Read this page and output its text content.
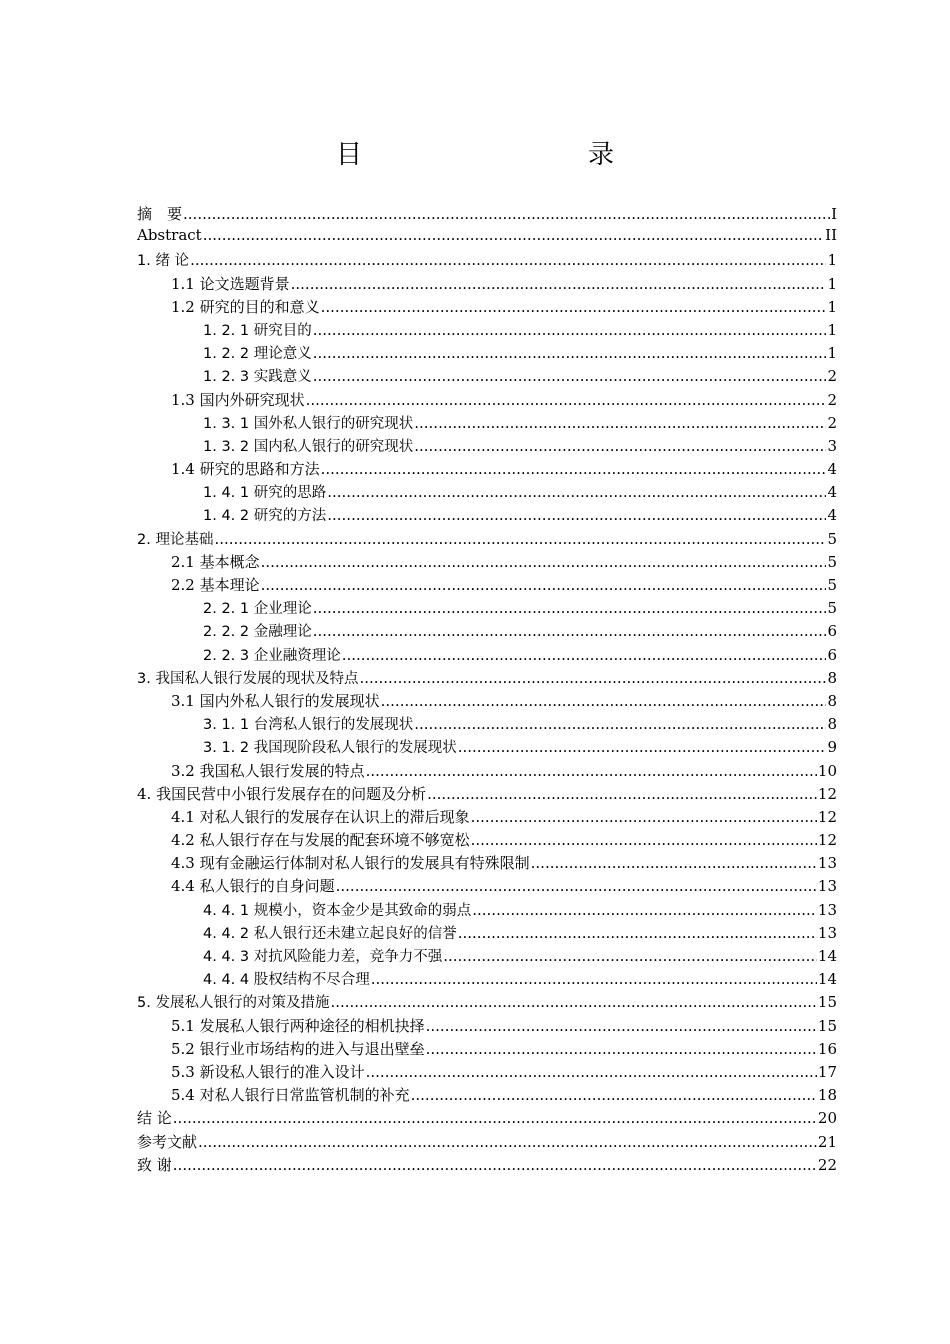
目　　录
摘　要 .....	I
Abstract .....	II
1. 绪 论 .....	1
1.1 论文选题背景 .....	1
1.2 研究的目的和意义 .....	1
1. 2. 1 研究目的 .....	1
1. 2. 2 理论意义 .....	1
1. 2. 3 实践意义 .....	2
1.3 国内外研究现状 .....	2
1. 3. 1 国外私人银行的研究现状 .....	2
1. 3. 2 国内私人银行的研究现状 .....	3
1.4 研究的思路和方法 .....	4
1. 4. 1 研究的思路 .....	4
1. 4. 2 研究的方法 .....	4
2. 理论基础 .....	5
2.1 基本概念 .....	5
2.2 基本理论 .....	5
2. 2. 1 企业理论 .....	5
2. 2. 2 金融理论 .....	6
2. 2. 3 企业融资理论 .....	6
3. 我国私人银行发展的现状及特点 .....	8
3.1 国内外私人银行的发展现状 .....	8
3. 1. 1 台湾私人银行的发展现状 .....	8
3. 1. 2 我国现阶段私人银行的发展现状 .....	9
3.2 我国私人银行发展的特点 .....	10
4. 我国民营中小银行发展存在的问题及分析 .....	12
4.1 对私人银行的发展存在认识上的滞后现象 .....	12
4.2 私人银行存在与发展的配套环境不够宽松 .....	12
4.3 现有金融运行体制对私人银行的发展具有特殊限制 .....	13
4.4 私人银行的自身问题 .....	13
4. 4. 1 规模小，资本金少是其致命的弱点 .....	13
4. 4. 2 私人银行还未建立起良好的信誉 .....	13
4. 4. 3 对抗风险能力差，竞争力不强 .....	14
4. 4. 4 股权结构不尽合理 .....	14
5. 发展私人银行的对策及措施 .....	15
5.1 发展私人银行两种途径的相机抉择 .....	15
5.2 银行业市场结构的进入与退出壁垒 .....	16
5.3 新设私人银行的准入设计 .....	17
5.4 对私人银行日常监管机制的补充 .....	18
结 论 .....	20
参考文献 .....	21
致 谢 .....	22
